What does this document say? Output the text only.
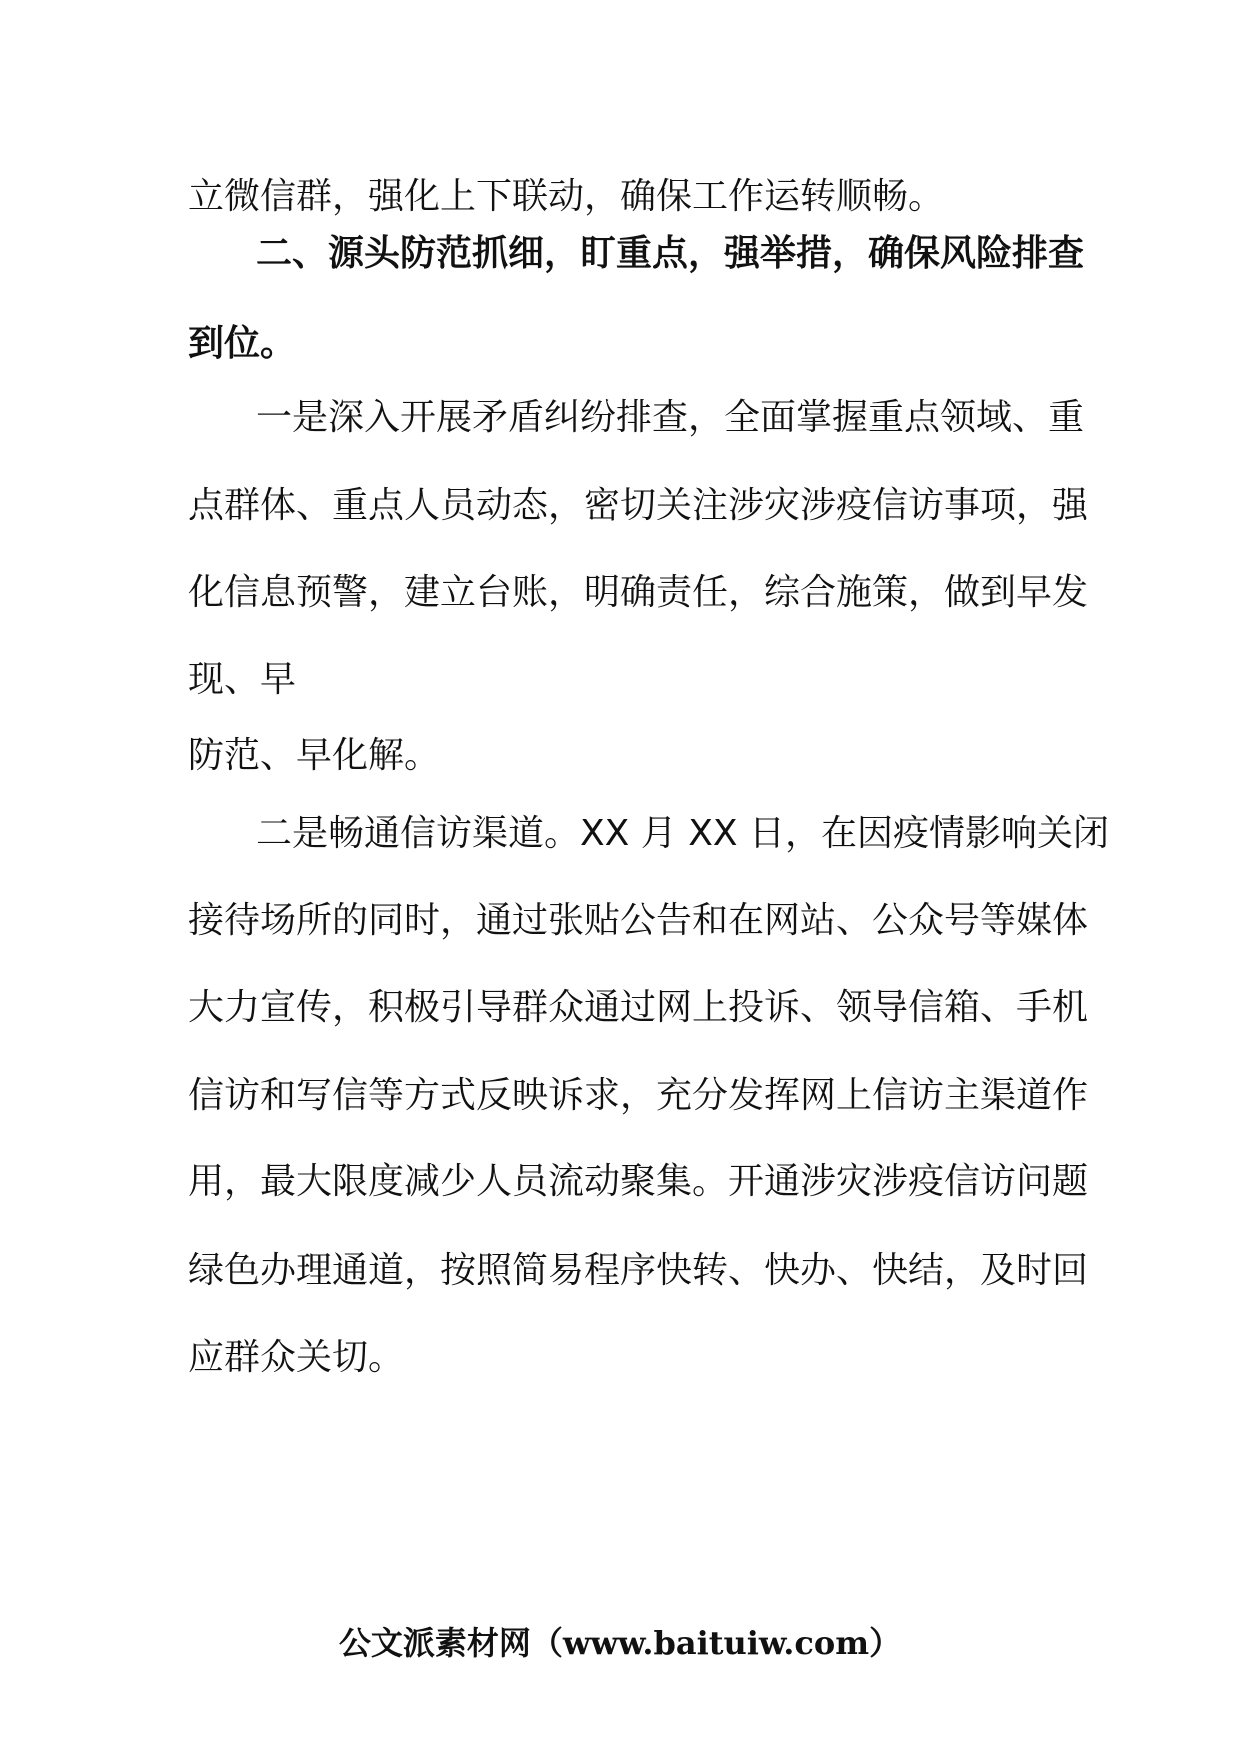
立微信群，强化上下联动，确保工作运转顺畅。
二、源头防范抓细，盯重点，强举措，确保风险排查
到位。
一是深入开展矛盾纠纷排查，全面掌握重点领域、重
点群体、重点人员动态，密切关注涉灾涉疫信访事项，强
化信息预警，建立台账，明确责任，综合施策，做到早发
现、早
防范、早化解。
二是畅通信访渠道。XX 月 XX 日，在因疫情影响关闭
接待场所的同时，通过张贴公告和在网站、公众号等媒体
大力宣传，积极引导群众通过网上投诉、领导信箱、手机
信访和写信等方式反映诉求，充分发挥网上信访主渠道作
用，最大限度减少人员流动聚集。开通涉灾涉疫信访问题
绿色办理通道，按照简易程序快转、快办、快结，及时回
应群众关切。
公文派素材网（www.baituiw.com）
